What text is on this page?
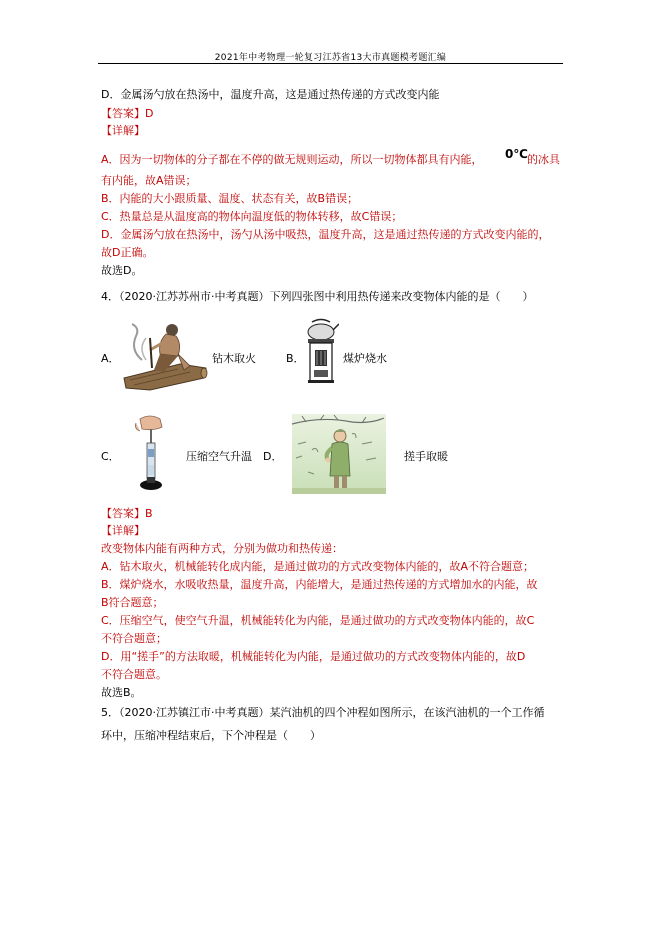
2021年中考物理一轮复习江苏省13大市真题模考题汇编
D．金属汤勺放在热汤中，温度升高，这是通过热传递的方式改变内能
【答案】D
【详解】
A．因为一切物体的分子都在不停的做无规则运动，所以一切物体都具有内能， 0℃ 的冰具
有内能，故A错误；
B．内能的大小跟质量、温度、状态有关，故B错误；
C．热量总是从温度高的物体向温度低的物体转移，故C错误；
D．金属汤勺放在热汤中，汤勺从汤中吸热，温度升高，这是通过热传递的方式改变内能的，
故D正确。
故选D。
4．（2020·江苏苏州市·中考真题）下列四张图中利用热传递来改变物体内能的是（　　）
A．	钻木取火	B．	煤炉烧水
C．	压缩空气升温 D．	搓手取暖
【答案】B
【详解】
改变物体内能有两种方式，分别为做功和热传递：
A．钻木取火，机械能转化成内能，是通过做功的方式改变物体内能的，故A不符合题意；
B．煤炉烧水，水吸收热量，温度升高，内能增大，是通过热传递的方式增加水的内能，故
B符合题意；
C．压缩空气，使空气升温，机械能转化为内能，是通过做功的方式改变物体内能的，故C
不符合题意；
D．用“搓手”的方法取暖，机械能转化为内能，是通过做功的方式改变物体内能的，故D
不符合题意。
故选B。
5．（2020·江苏镇江市·中考真题）某汽油机的四个冲程如图所示，在该汽油机的一个工作循
环中，压缩冲程结束后，下个冲程是（　　）
